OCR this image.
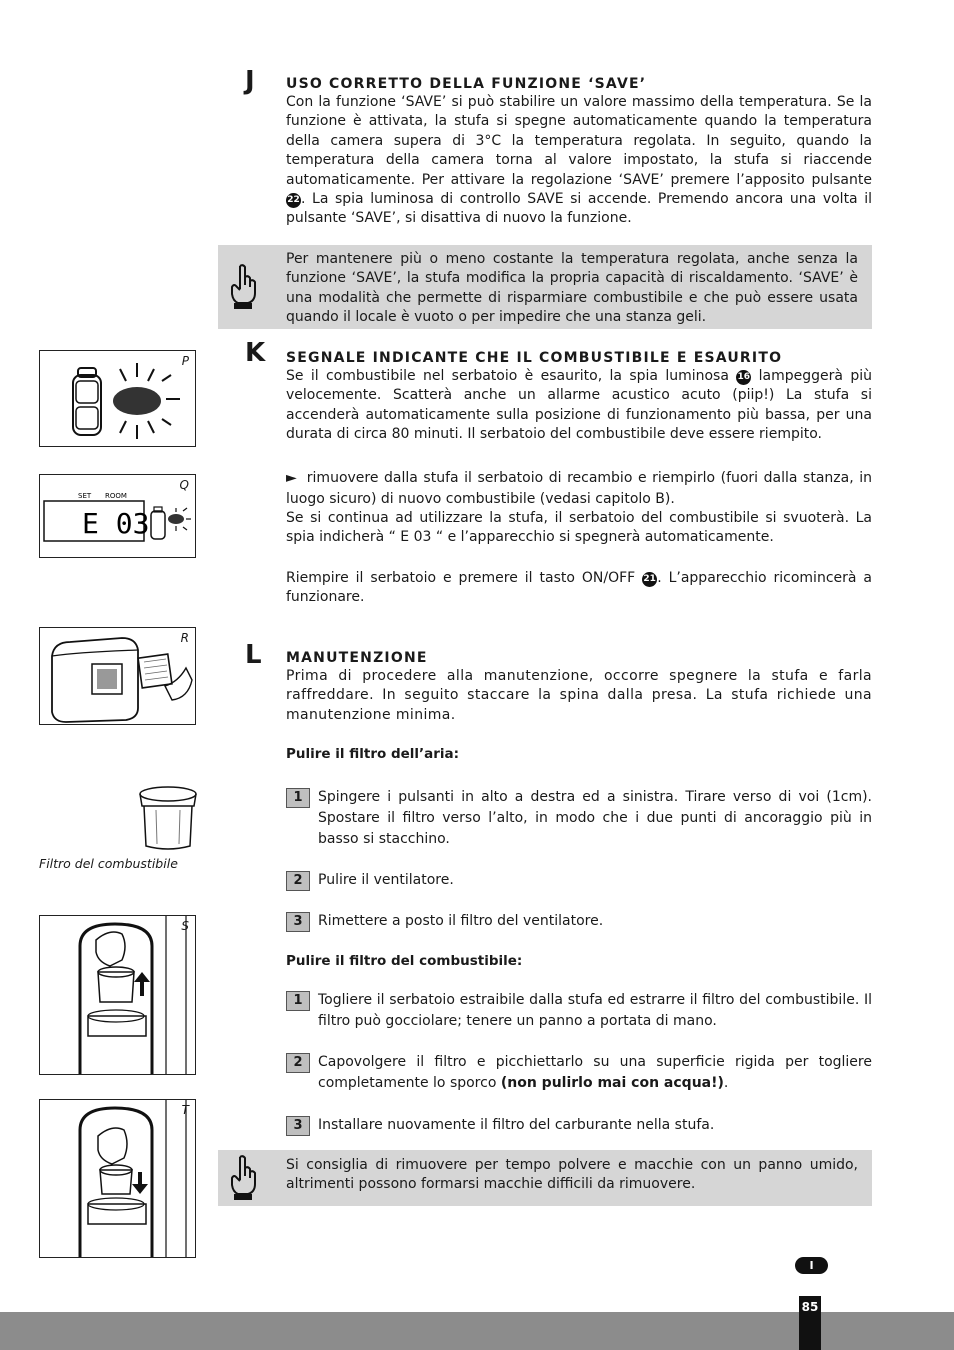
J USO CORRETTO DELLA FUNZIONE ‘SAVE’
Con la funzione ‘SAVE’ si può stabilire un valore massimo della temperatura. Se la funzione è attivata, la stufa si spegne automaticamente quando la temperatura della camera supera di 3°C la temperatura regolata. In seguito, quando la temperatura della camera torna al valore impostato, la stufa si riaccende automaticamente. Per attivare la regolazione ‘SAVE’ premere l’apposito pulsante 22. La spia luminosa di controllo SAVE si accende. Premendo ancora una volta il pulsante ‘SAVE’, si disattiva di nuovo la funzione.
Per mantenere più o meno costante la temperatura regolata, anche senza la funzione ‘SAVE’, la stufa modifica la propria capacità di riscaldamento. ‘SAVE’ è una modalità che permette di risparmiare combustibile e che può essere usata quando il locale è vuoto o per impedire che una stanza geli.
K SEGNALE INDICANTE CHE IL COMBUSTIBILE E ESAURITO
Se il combustibile nel serbatoio è esaurito, la spia luminosa 16 lampeggerà più velocemente. Scatterà anche un allarme acustico acuto (piip!) La stufa si accenderà automaticamente sulla posizione di funzionamento più bassa, per una durata di circa 80 minuti. Il serbatoio del combustibile deve essere riempito.
► rimuovere dalla stufa il serbatoio di recambio e riempirlo (fuori dalla stanza, in luogo sicuro) di nuovo combustibile (vedasi capitolo B).
Se si continua ad utilizzare la stufa, il serbatoio del combustibile si svuoterà. La spia indicherà “ E 03 “ e l’apparecchio si spegnerà automaticamente.
Riempire il serbatoio e premere il tasto ON/OFF 21. L’apparecchio ricomincerà a funzionare.
L MANUTENZIONE
Prima di procedere alla manutenzione, occorre spegnere la stufa e farla raffreddare. In seguito staccare la spina dalla presa. La stufa richiede una manutenzione minima.
Pulire il filtro dell’aria:
1	Spingere i pulsanti in alto a destra ed a sinistra. Tirare verso di voi (1cm). Spostare il filtro verso l’alto, in modo che i due punti di ancoraggio più in basso si stacchino.
2	Pulire il ventilatore.
3	Rimettere a posto il filtro del ventilatore.
Pulire il filtro del combustibile:
1	Togliere il serbatoio estraibile dalla stufa ed estrarre il filtro del combustibile. Il filtro può gocciolare; tenere un panno a portata di mano.
2	Capovolgere il filtro e picchiettarlo su una superficie rigida per togliere completamente lo sporco (non pulirlo mai con acqua!).
3	Installare nuovamente il filtro del carburante nella stufa.
Si consiglia di rimuovere per tempo polvere e macchie con un panno umido, altrimenti possono formarsi macchie difficili da rimuovere.
P
Q
SET ROOM
E 03
R
Filtro del combustibile
S
T
I
85
